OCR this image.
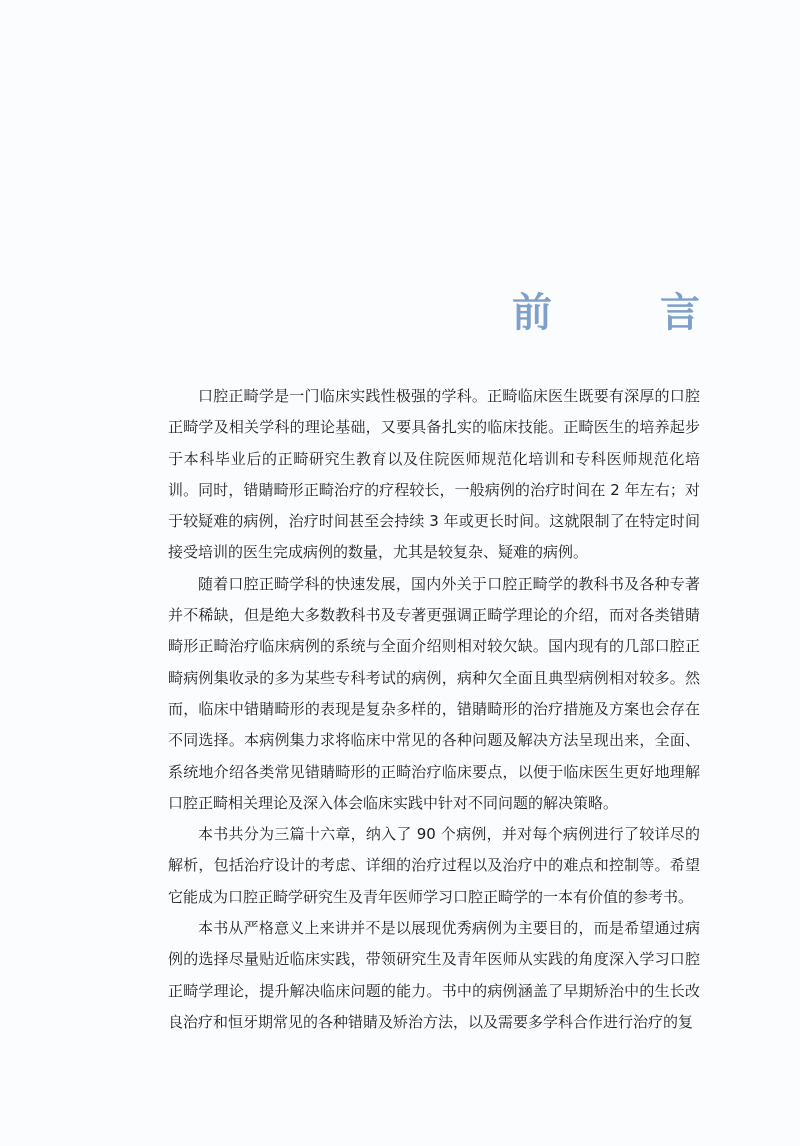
前　言

口腔正畸学是一门临床实践性极强的学科。正畸临床医生既要有深厚的口腔正畸学及相关学科的理论基础，又要具备扎实的临床技能。正畸医生的培养起步于本科毕业后的正畸研究生教育以及住院医师规范化培训和专科医师规范化培训。同时，错䝼畸形正畸治疗的疗程较长，一般病例的治疗时间在 2 年左右；对于较疑难的病例，治疗时间甚至会持续 3 年或更长时间。这就限制了在特定时间接受培训的医生完成病例的数量，尤其是较复杂、疑难的病例。

随着口腔正畸学科的快速发展，国内外关于口腔正畸学的教科书及各种专著并不稀缺，但是绝大多数教科书及专著更强调正畸学理论的介绍，而对各类错䝼畸形正畸治疗临床病例的系统与全面介绍则相对较欠缺。国内现有的几部口腔正畸病例集收录的多为某些专科考试的病例，病种欠全面且典型病例相对较多。然而，临床中错䝼畸形的表现是复杂多样的，错䝼畸形的治疗措施及方案也会存在不同选择。本病例集力求将临床中常见的各种问题及解决方法呈现出来，全面、系统地介绍各类常见错䝼畸形的正畸治疗临床要点，以便于临床医生更好地理解口腔正畸相关理论及深入体会临床实践中针对不同问题的解决策略。

本书共分为三篇十六章，纳入了 90 个病例，并对每个病例进行了较详尽的解析，包括治疗设计的考虑、详细的治疗过程以及治疗中的难点和控制等。希望它能成为口腔正畸学研究生及青年医师学习口腔正畸学的一本有价值的参考书。

本书从严格意义上来讲并不是以展现优秀病例为主要目的，而是希望通过病例的选择尽量贴近临床实践，带领研究生及青年医师从实践的角度深入学习口腔正畸学理论，提升解决临床问题的能力。书中的病例涵盖了早期矫治中的生长改良治疗和恒牙期常见的各种错䝼及矫治方法，以及需要多学科合作进行治疗的复
